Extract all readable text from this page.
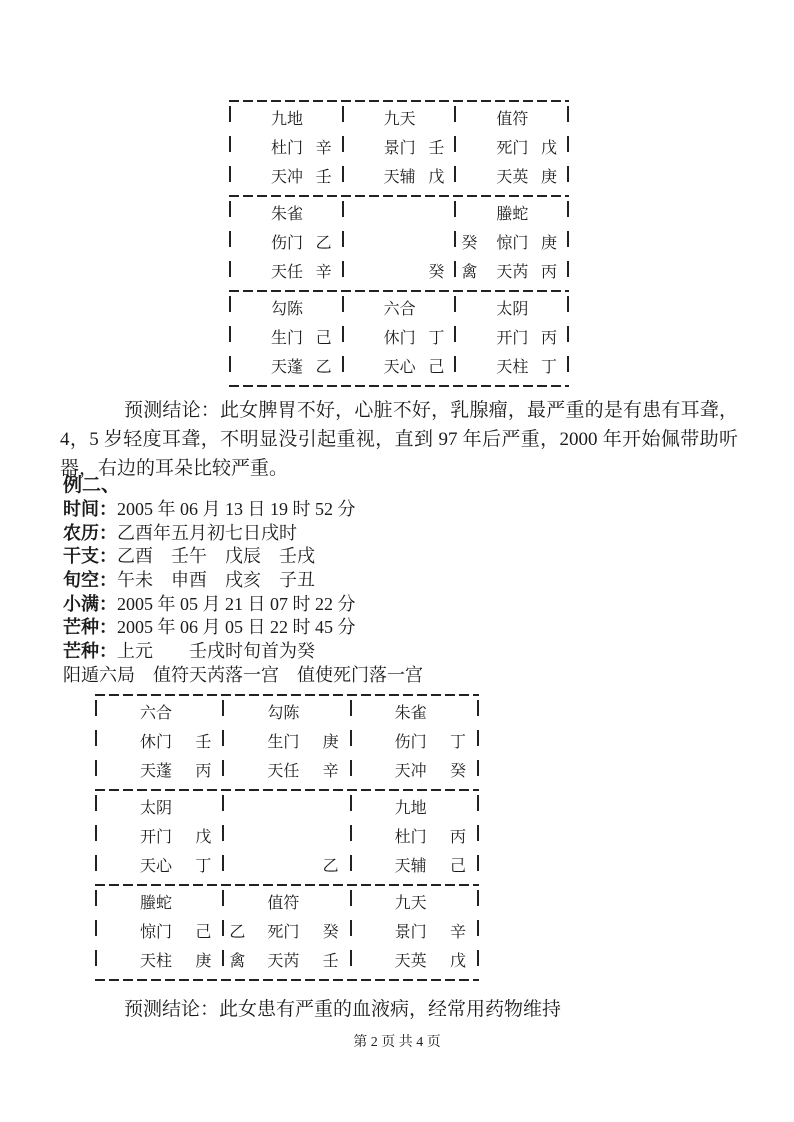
九地
杜门 辛
天冲 壬
九天
景门 壬
天辅 戊
值符
死门 戊
天英 庚
朱雀
伤门 乙
天任 辛	癸
螣蛇
癸 惊门 庚
禽 天芮 丙
勾陈
生门 己
天蓬 乙
六合
休门 丁
天心 己
太阴
开门 丙
天柱 丁
预测结论：此女脾胃不好，心脏不好，乳腺瘤，最严重的是有患有耳聋，4，5 岁轻度耳聋，不明显没引起重视，直到 97 年后严重，2000 年开始佩带助听器，右边的耳朵比较严重。
例二、
时间：2005 年 06 月 13 日 19 时 52 分
农历：乙酉年五月初七日戌时
干支：乙酉　壬午　戊辰　壬戌
旬空：午未　申酉　戌亥　子丑
小满：2005 年 05 月 21 日 07 时 22 分
芒种：2005 年 06 月 05 日 22 时 45 分
芒种：上元　　壬戌时旬首为癸
阳遁六局　值符天芮落一宫　值使死门落一宫
六合
休门 壬
天蓬 丙
勾陈
生门 庚
天任 辛
朱雀
伤门 丁
天冲 癸
太阴
开门 戊
天心 丁	乙
九地
杜门 丙
天辅 己
螣蛇
惊门 己
天柱 庚
值符
乙 死门 癸
禽 天芮 壬
九天
景门 辛
天英 戊
预测结论：此女患有严重的血液病，经常用药物维持
第 2 页 共 4 页
